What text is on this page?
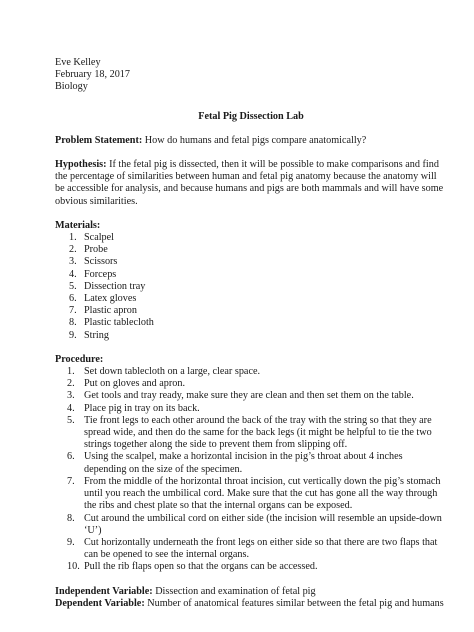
Eve Kelley
February 18, 2017
Biology
Fetal Pig Dissection Lab
Problem Statement: How do humans and fetal pigs compare anatomically?
Hypothesis: If the fetal pig is dissected, then it will be possible to make comparisons and find the percentage of similarities between human and fetal pig anatomy because the anatomy will be accessible for analysis, and because humans and pigs are both mammals and will have some obvious similarities.
Materials:
1. Scalpel
2. Probe
3. Scissors
4. Forceps
5. Dissection tray
6. Latex gloves
7. Plastic apron
8. Plastic tablecloth
9. String
Procedure:
1. Set down tablecloth on a large, clear space.
2. Put on gloves and apron.
3. Get tools and tray ready, make sure they are clean and then set them on the table.
4. Place pig in tray on its back.
5. Tie front legs to each other around the back of the tray with the string so that they are spread wide, and then do the same for the back legs (it might be helpful to tie the two strings together along the side to prevent them from slipping off.
6. Using the scalpel, make a horizontal incision in the pig’s throat about 4 inches depending on the size of the specimen.
7. From the middle of the horizontal throat incision, cut vertically down the pig’s stomach until you reach the umbilical cord. Make sure that the cut has gone all the way through the ribs and chest plate so that the internal organs can be exposed.
8. Cut around the umbilical cord on either side (the incision will resemble an upside-down ‘U’)
9. Cut horizontally underneath the front legs on either side so that there are two flaps that can be opened to see the internal organs.
10. Pull the rib flaps open so that the organs can be accessed.
Independent Variable: Dissection and examination of fetal pig
Dependent Variable: Number of anatomical features similar between the fetal pig and humans
